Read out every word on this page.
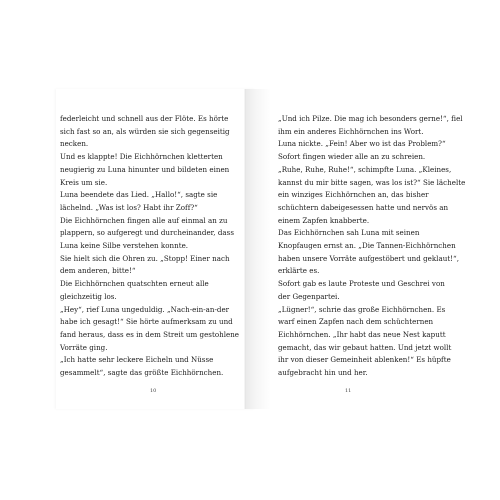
federleicht und schnell aus der Flöte. Es hörte
sich fast so an, als würden sie sich gegenseitig
necken.
Und es klappte! Die Eichhörnchen kletterten
neugierig zu Luna hinunter und bildeten einen
Kreis um sie.
Luna beendete das Lied. „Hallo!“, sagte sie
lächelnd. „Was ist los? Habt ihr Zoff?“
Die Eichhörnchen fingen alle auf einmal an zu
plappern, so aufgeregt und durcheinander, dass
Luna keine Silbe verstehen konnte.
Sie hielt sich die Ohren zu. „Stopp! Einer nach
dem anderen, bitte!“
Die Eichhörnchen quatschten erneut alle
gleichzeitig los.
„Hey“, rief Luna ungeduldig. „Nach-ein-an-der
habe ich gesagt!“ Sie hörte aufmerksam zu und
fand heraus, dass es in dem Streit um gestohlene
Vorräte ging.
„Ich hatte sehr leckere Eicheln und Nüsse
gesammelt“, sagte das größte Eichhörnchen.
„Und ich Pilze. Die mag ich besonders gerne!“, fiel
ihm ein anderes Eichhörnchen ins Wort.
Luna nickte. „Fein! Aber wo ist das Problem?“
Sofort fingen wieder alle an zu schreien.
„Ruhe, Ruhe, Ruhe!“, schimpfte Luna. „Kleines,
kannst du mir bitte sagen, was los ist?“ Sie lächelte
ein winziges Eichhörnchen an, das bisher
schüchtern dabeigesessen hatte und nervös an
einem Zapfen knabberte.
Das Eichhörnchen sah Luna mit seinen
Knopfaugen ernst an. „Die Tannen-Eichhörnchen
haben unsere Vorräte aufgestöbert und geklaut!“,
erklärte es.
Sofort gab es laute Proteste und Geschrei von
der Gegenpartei.
„Lügner!“, schrie das große Eichhörnchen. Es
warf einen Zapfen nach dem schüchternen
Eichhörnchen. „Ihr habt das neue Nest kaputt
gemacht, das wir gebaut hatten. Und jetzt wollt
ihr von dieser Gemeinheit ablenken!“ Es hüpfte
aufgebracht hin und her.
10	11
